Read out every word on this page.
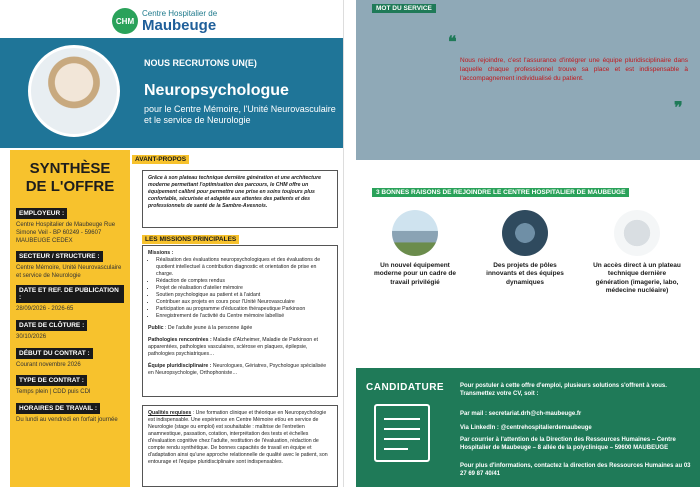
CHM
Centre Hospitalier de
Maubeuge
NOUS RECRUTONS UN(E)
Neuropsychologue
pour le Centre Mémoire, l'Unité Neurovasculaire et le service de Neurologie
SYNTHÈSE
DE L'OFFRE
EMPLOYEUR :
Centre Hospitalier de Maubeuge Rue Simone Veil - BP 60249 - 59607 MAUBEUGE CEDEX
SECTEUR / STRUCTURE :
Centre Mémoire, Unité Neurovasculaire et service de Neurologie
DATE ET REF. DE PUBLICATION :
28/09/2026 - 2026-65
DATE DE CLÔTURE :
30/10/2026
DÉBUT DU CONTRAT :
Courant novembre 2026
TYPE DE CONTRAT :
Temps plein | CDD puis CDI
HORAIRES DE TRAVAIL :
Du lundi au vendredi en forfait journée
AVANT-PROPOS
Grâce à son plateau technique dernière génération et une architecture moderne permettant l'optimisation des parcours, le CHM offre un équipement calibré pour permettre une prise en soins toujours plus confortable, sécurisée et adaptée aux attentes des patients et des professionnels de santé de la Sambre-Avesnois.
LES MISSIONS PRINCIPALES
Missions :
• Réalisation des évaluations neuropsychologiques et des évaluations de quotient intellectuel à contribution diagnostic et orientation de prise en charge.
• Rédaction de comptes rendus
• Projet de réalisation d'atelier mémoire
• Soutien psychologique au patient et à l'aidant
• Contribuer aux projets en cours pour l'Unité Neurovasculaire
• Participation au programme d'éducation thérapeutique Parkinson
• Enregistrement de l'activité du Centre mémoire labellisé
Public : De l'adulte jeune à la personne âgée
Pathologies rencontrées : Maladie d'Alzheimer, Maladie de Parkinson et apparentées, pathologies vasculaires, sclérose en plaques, épilepsie, pathologies psychiatriques…
Équipe pluridisciplinaire : Neurologues, Gériatres, Psychologue spécialisée en Neuropsychologie, Orthophoniste…
Qualités requises : Une formation clinique et théorique en Neuropsychologie est indispensable. Une expérience en Centre Mémoire et/ou en service de Neurologie (stage ou emploi) est souhaitable : maîtrise de l'entretien anamnestique, passation, cotation, interprétation des tests et échelles d'évaluation cognitive chez l'adulte, restitution de l'évaluation, rédaction de compte rendu synthétique. De bonnes capacités de travail en équipe et d'adaptation ainsi qu'une approche relationnelle de qualité avec le patient, son entourage et l'équipe pluridisciplinaire sont indispensables.
MOT DU SERVICE
❝
Nous rejoindre, c'est l'assurance d'intégrer une équipe pluridisciplinaire dans laquelle chaque professionnel trouve sa place et est indispensable à l'accompagnement individualisé du patient.
❞
3 BONNES RAISONS DE REJOINDRE LE CENTRE HOSPITALIER DE MAUBEUGE
Un nouvel équipement moderne pour un cadre de travail privilégié
Des projets de pôles innovants et des équipes dynamiques
Un accès direct à un plateau technique dernière génération (imagerie, labo, médecine nucléaire)
CANDIDATURE	Pour postuler à cette offre d'emploi, plusieurs solutions s'offrent à vous. Transmettez votre CV, soit :
Par mail : secretariat.drh@ch-maubeuge.fr
Via LinkedIn : @centrehospitalierdemaubeuge
Par courrier à l'attention de la Direction des Ressources Humaines – Centre Hospitalier de Maubeuge – 8 allée de la polyclinique – 59600 MAUBEUGE
Pour plus d'informations, contactez la direction des Ressources Humaines au 03 27 69 87 40/41
